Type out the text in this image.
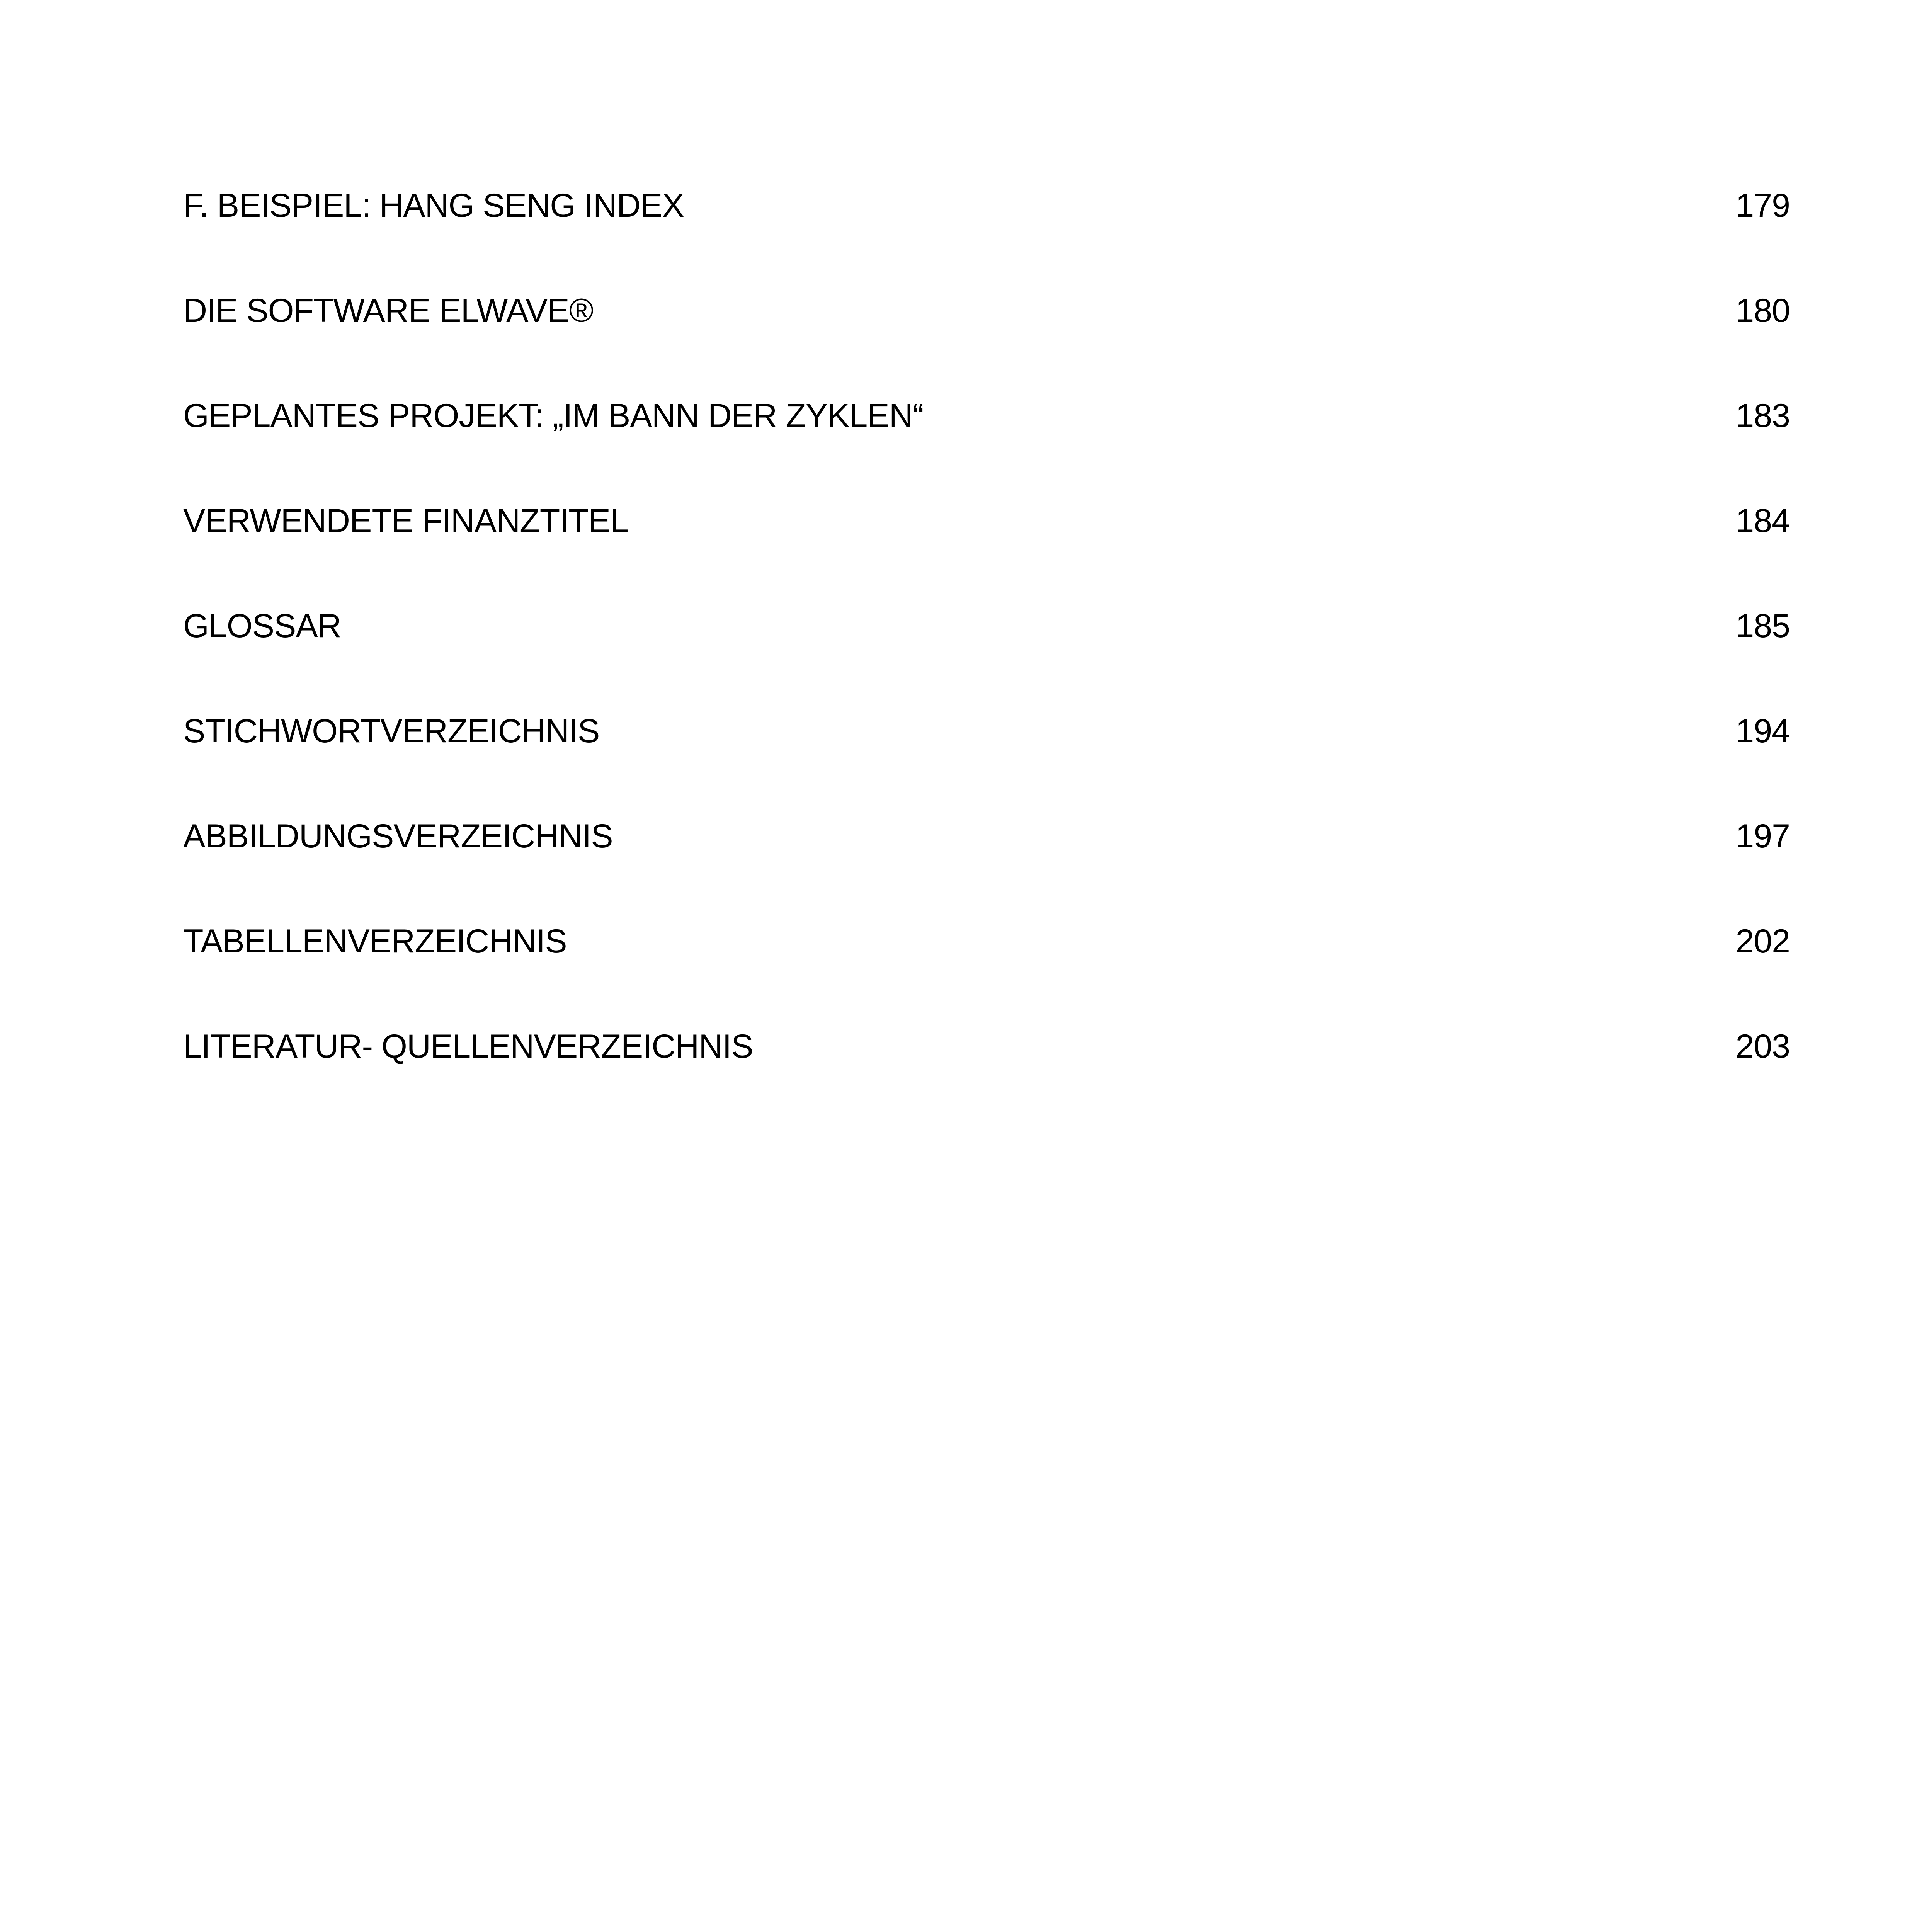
F. BEISPIEL: HANG SENG INDEX	179
DIE SOFTWARE ELWAVE®	180
GEPLANTES PROJEKT: „IM BANN DER ZYKLEN“	183
VERWENDETE FINANZTITEL	184
GLOSSAR	185
STICHWORTVERZEICHNIS	194
ABBILDUNGSVERZEICHNIS	197
TABELLENVERZEICHNIS	202
LITERATUR- QUELLENVERZEICHNIS	203
